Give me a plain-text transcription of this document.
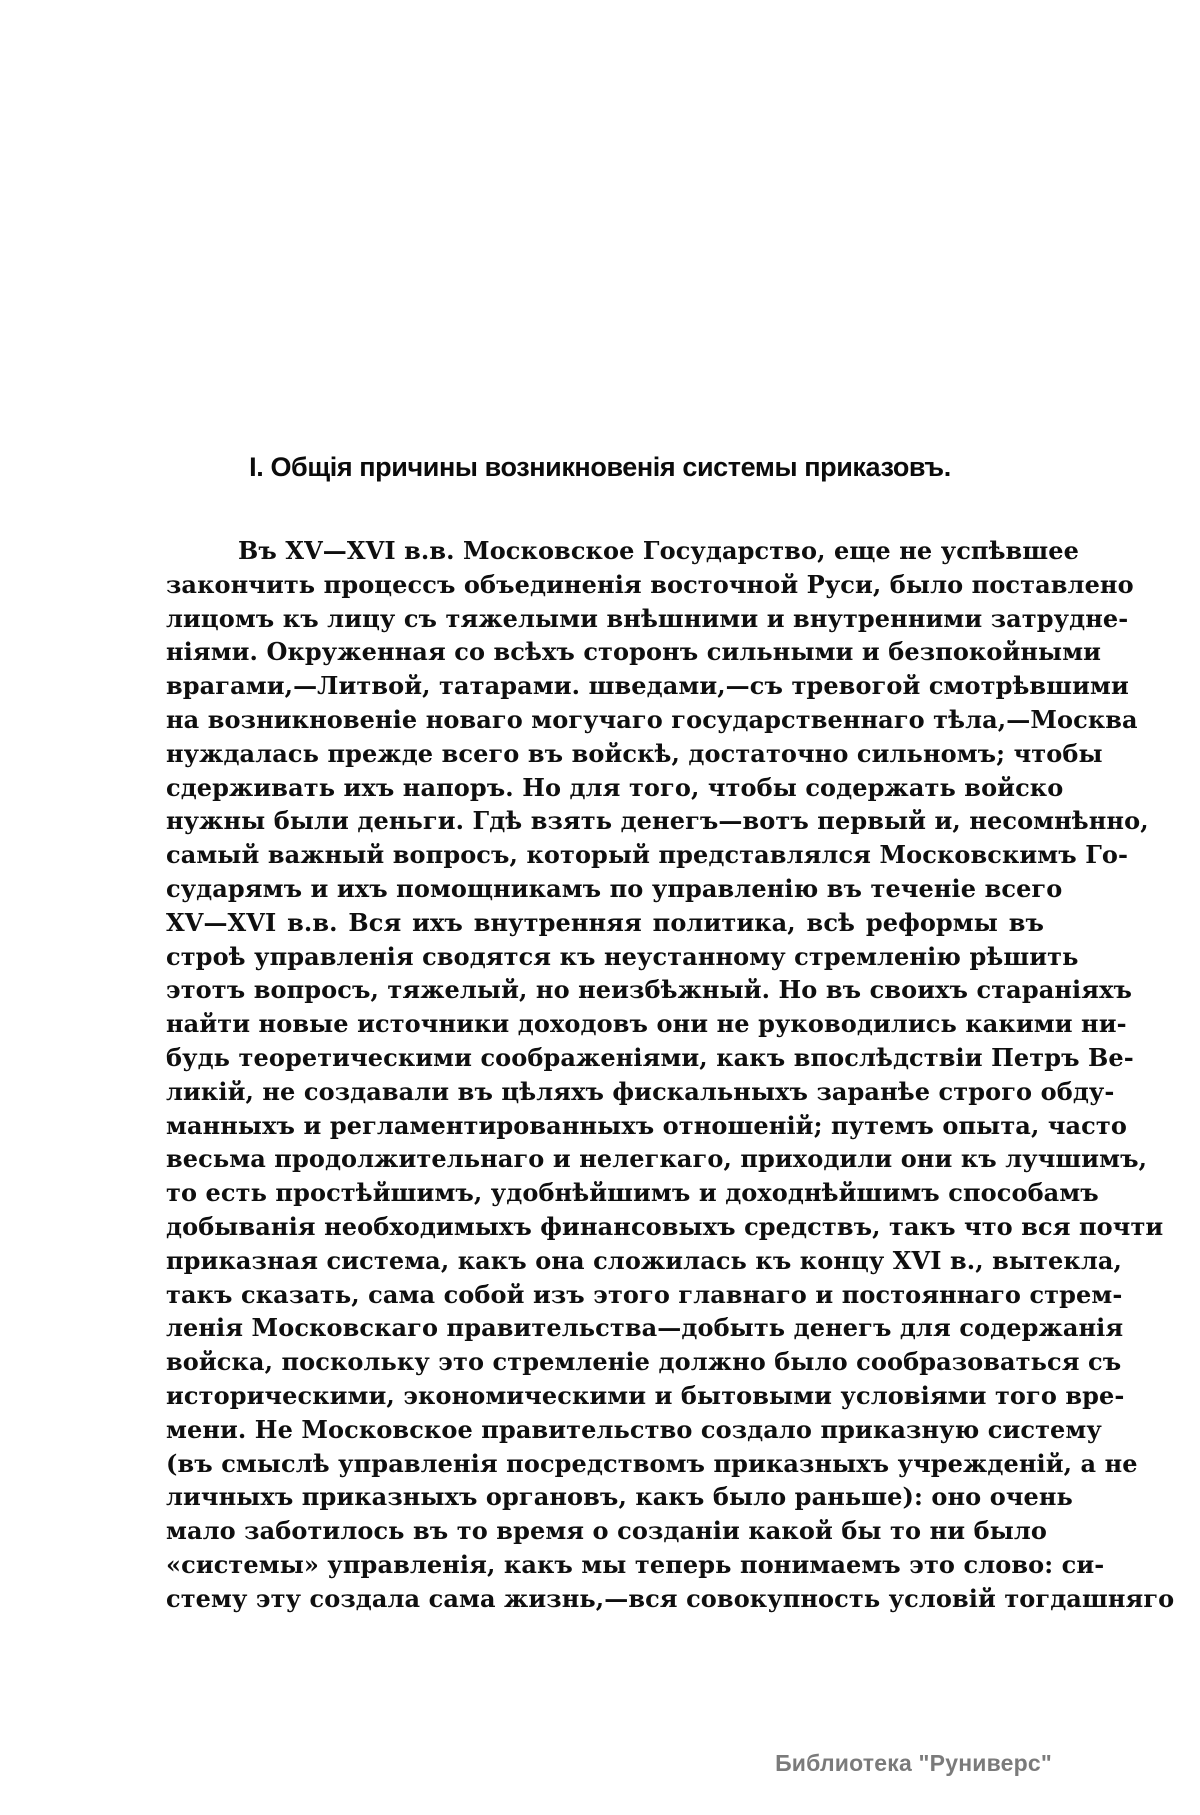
I. Общія причины возникновенія системы приказовъ.
Въ XV—XVI в.в. Московское Государство, еще не успѣвшее
закончить процессъ объединенія восточной Руси, было поставлено
лицомъ къ лицу съ тяжелыми внѣшними и внутренними затрудне-
ніями. Окруженная со всѣхъ сторонъ сильными и безпокойными
врагами,—Литвой, татарами. шведами,—съ тревогой смотрѣвшими
на возникновеніе новаго могучаго государственнаго тѣла,—Москва
нуждалась прежде всего въ войскѣ, достаточно сильномъ; чтобы
сдерживать ихъ напоръ. Но для того, чтобы содержать войско
нужны были деньги. Гдѣ взять денегъ—вотъ первый и, несомнѣнно,
самый важный вопросъ, который представлялся Московскимъ Го-
сударямъ и ихъ помощникамъ по управленію въ теченіе всего
XV—XVI в.в. Вся ихъ внутренняя политика, всѣ реформы въ
строѣ управленія сводятся къ неустанному стремленію рѣшить
этотъ вопросъ, тяжелый, но неизбѣжный. Но въ своихъ стараніяхъ
найти новые источники доходовъ они не руководились какими ни-
будь теоретическими соображеніями, какъ впослѣдствіи Петръ Ве-
ликій, не создавали въ цѣляхъ фискальныхъ заранѣе строго обду-
манныхъ и регламентированныхъ отношеній; путемъ опыта, часто
весьма продолжительнаго и нелегкаго, приходили они къ лучшимъ,
то есть простѣйшимъ, удобнѣйшимъ и доходнѣйшимъ способамъ
добыванія необходимыхъ финансовыхъ средствъ, такъ что вся почти
приказная система, какъ она сложилась къ концу XVI в., вытекла,
такъ сказать, сама собой изъ этого главнаго и постояннаго стрем-
ленія Московскаго правительства—добыть денегъ для содержанія
войска, поскольку это стремленіе должно было сообразоваться съ
историческими, экономическими и бытовыми условіями того вре-
мени. Не Московское правительство создало приказную систему
(въ смыслѣ управленія посредствомъ приказныхъ учрежденій, а не
личныхъ приказныхъ органовъ, какъ было раньше): оно очень
мало заботилось въ то время о созданіи какой бы то ни было
«системы» управленія, какъ мы теперь понимаемъ это слово: си-
стему эту создала сама жизнь,—вся совокупность условій тогдашняго
Библиотека "Руниверс"
